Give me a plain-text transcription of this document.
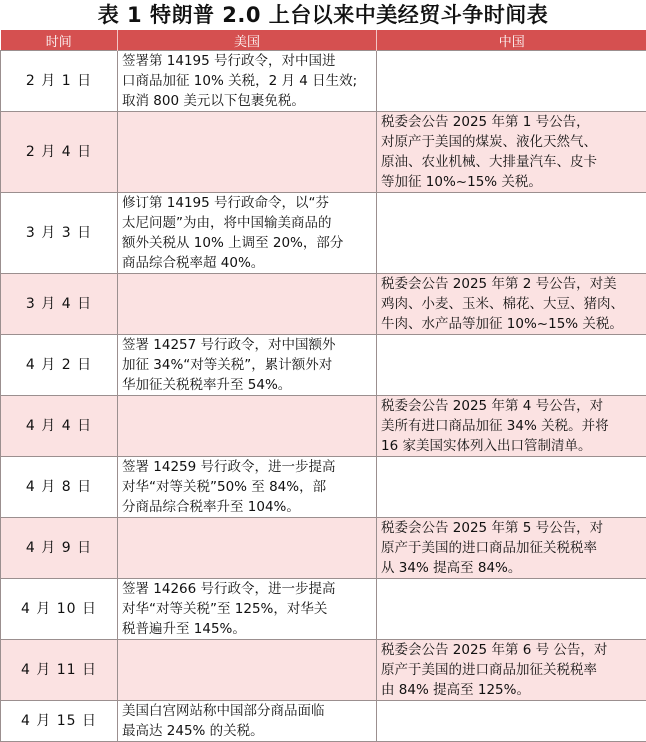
表 1 特朗普 2.0 上台以来中美经贸斗争时间表
时间	美国	中国
2 月 1 日	签署第 14195 号行政令，对中国进
口商品加征 10% 关税，2 月 4 日生效;
取消 800 美元以下包裹免税。	

2 月 4 日		税委会公告 2025 年第 1 号公告，
对原产于美国的煤炭、液化天然气、
原油、农业机械、大排量汽车、皮卡
等加征 10%~15% 关税。

3 月 3 日	修订第 14195 号行政命令，以“芬
太尼问题”为由，将中国输美商品的
额外关税从 10% 上调至 20%，部分
商品综合税率超 40%。	

3 月 4 日		税委会公告 2025 年第 2 号公告，对美
鸡肉、小麦、玉米、棉花、大豆、猪肉、
牛肉、水产品等加征 10%~15% 关税。

4 月 2 日	签署 14257 号行政令，对中国额外
加征 34%“对等关税”，累计额外对
华加征关税税率升至 54%。	

4 月 4 日		税委会公告 2025 年第 4 号公告，对
美所有进口商品加征 34% 关税。并将
16 家美国实体列入出口管制清单。

4 月 8 日	签署 14259 号行政令，进一步提高
对华“对等关税”50% 至 84%，部
分商品综合税率升至 104%。	

4 月 9 日		税委会公告 2025 年第 5 号公告，对
原产于美国的进口商品加征关税税率
从 34% 提高至 84%。

4 月 10 日	签署 14266 号行政令，进一步提高
对华“对等关税”至 125%，对华关
税普遍升至 145%。	

4 月 11 日		税委会公告 2025 年第 6 号 公告，对
原产于美国的进口商品加征关税税率
由 84% 提高至 125%。

4 月 15 日	美国白宫网站称中国部分商品面临
最高达 245% 的关税。	
